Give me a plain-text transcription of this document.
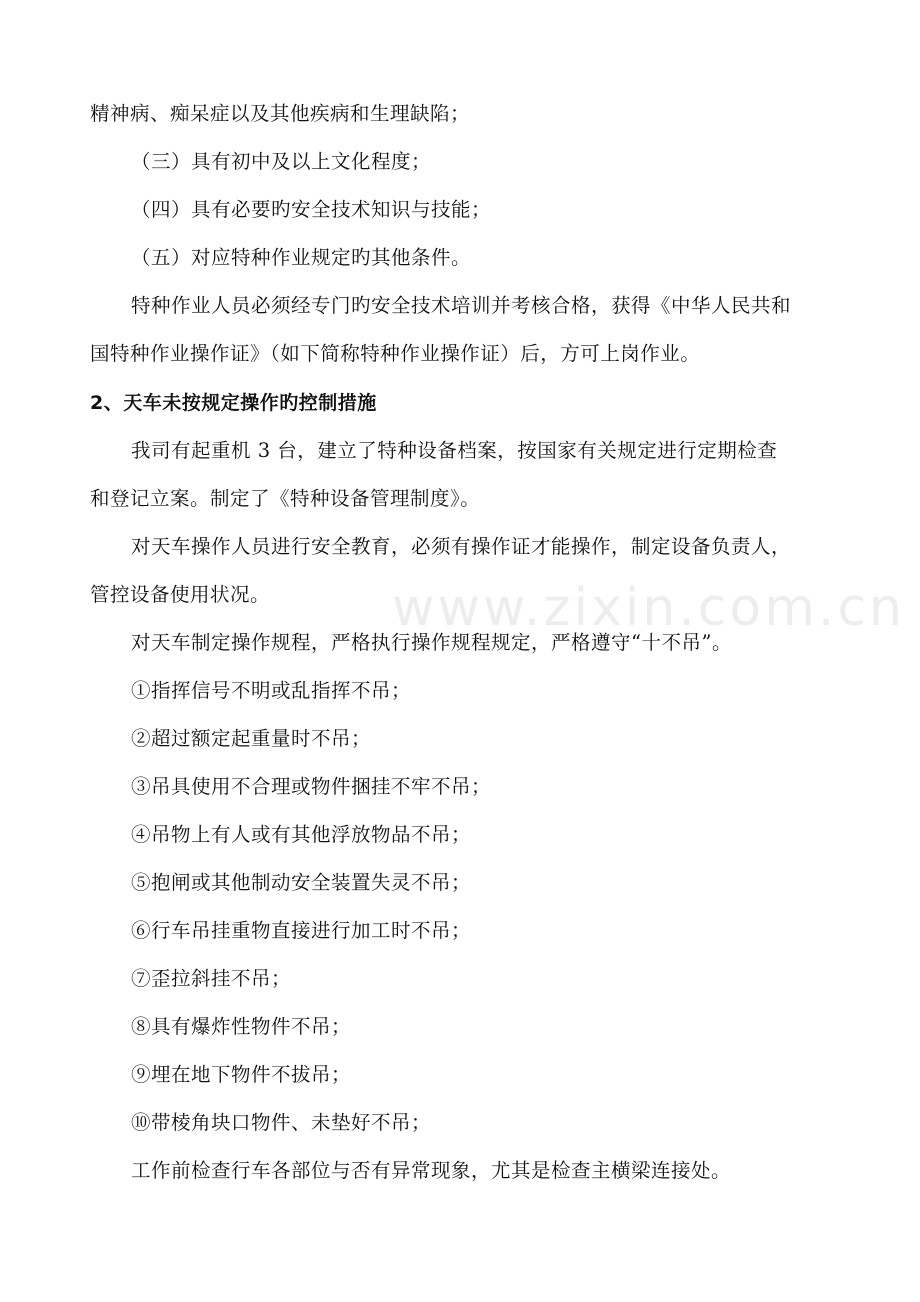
www.zixin.com.cn
精神病、痴呆症以及其他疾病和生理缺陷；
（三）具有初中及以上文化程度；
（四）具有必要旳安全技术知识与技能；
（五）对应特种作业规定旳其他条件。
特种作业人员必须经专门旳安全技术培训并考核合格，获得《中华人民共和
国特种作业操作证》（如下简称特种作业操作证）后，方可上岗作业。
2、天车未按规定操作旳控制措施
我司有起重机 3 台，建立了特种设备档案，按国家有关规定进行定期检查
和登记立案。制定了《特种设备管理制度》。
对天车操作人员进行安全教育，必须有操作证才能操作，制定设备负责人，
管控设备使用状况。
对天车制定操作规程，严格执行操作规程规定，严格遵守“十不吊”。
①指挥信号不明或乱指挥不吊；
②超过额定起重量时不吊；
③吊具使用不合理或物件捆挂不牢不吊；
④吊物上有人或有其他浮放物品不吊；
⑤抱闸或其他制动安全装置失灵不吊；
⑥行车吊挂重物直接进行加工时不吊；
⑦歪拉斜挂不吊；
⑧具有爆炸性物件不吊；
⑨埋在地下物件不拔吊；
⑩带棱角块口物件、未垫好不吊；
工作前检查行车各部位与否有异常现象，尤其是检查主横梁连接处。
